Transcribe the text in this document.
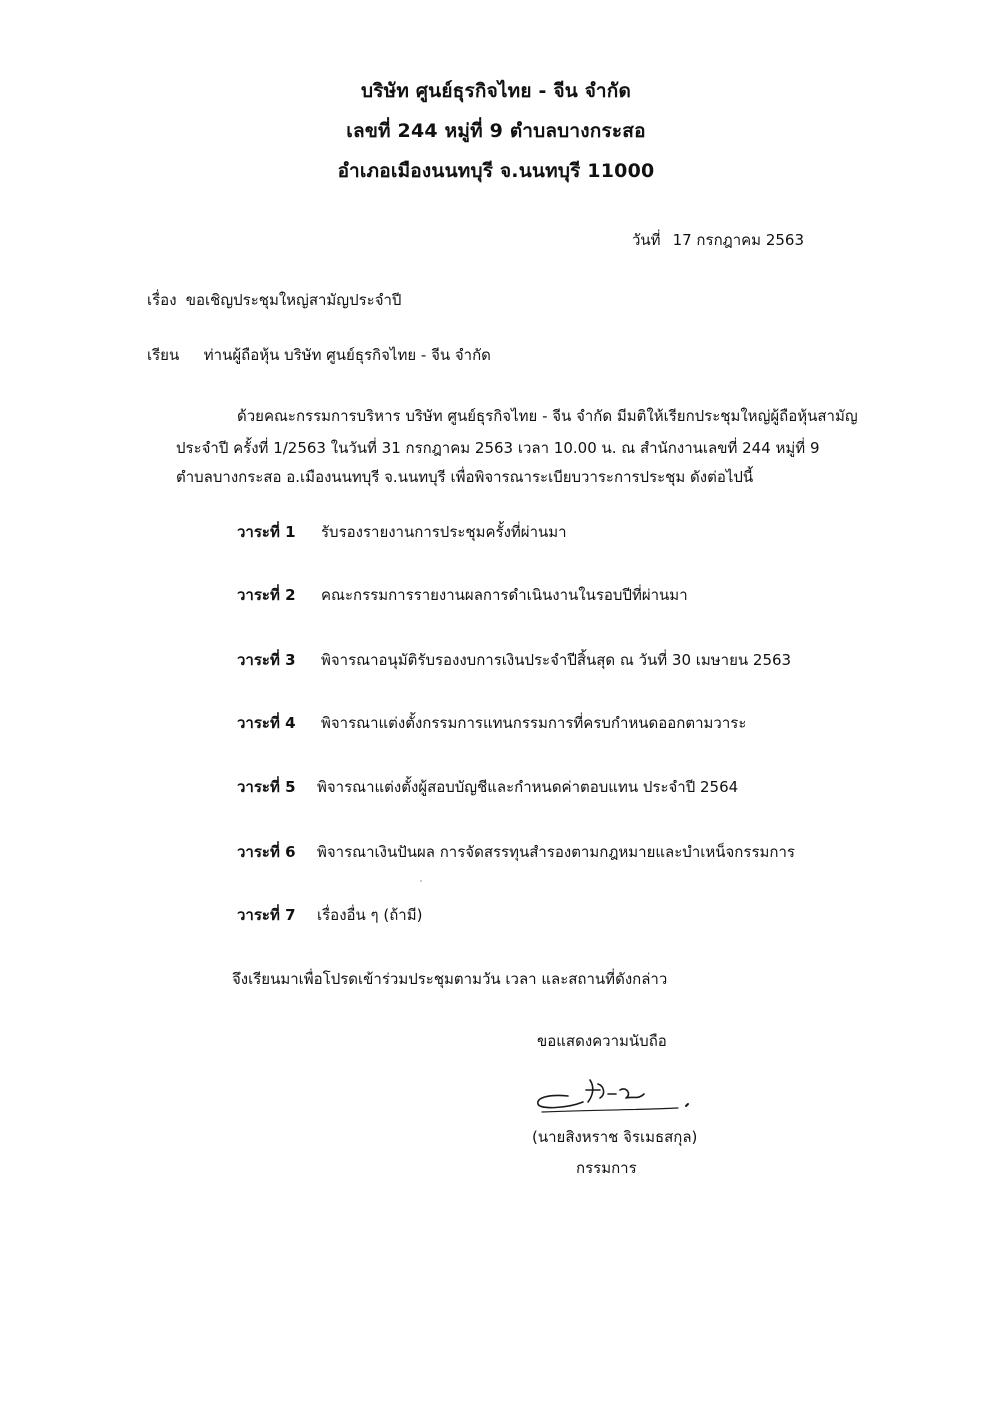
บริษัท ศูนย์ธุรกิจไทย - จีน จำกัด
เลขที่ 244 หมู่ที่ 9 ตำบลบางกระสอ
อำเภอเมืองนนทบุรี จ.นนทบุรี 11000
วันที่ 17 กรกฎาคม 2563
เรื่อง ขอเชิญประชุมใหญ่สามัญประจำปี
เรียน ท่านผู้ถือหุ้น บริษัท ศูนย์ธุรกิจไทย - จีน จำกัด
ด้วยคณะกรรมการบริหาร บริษัท ศูนย์ธุรกิจไทย - จีน จำกัด มีมติให้เรียกประชุมใหญ่ผู้ถือหุ้นสามัญ
ประจำปี ครั้งที่ 1/2563 ในวันที่ 31 กรกฎาคม 2563 เวลา 10.00 น. ณ สำนักงานเลขที่ 244 หมู่ที่ 9
ตำบลบางกระสอ อ.เมืองนนทบุรี จ.นนทบุรี เพื่อพิจารณาระเบียบวาระการประชุม ดังต่อไปนี้
วาระที่ 1 รับรองรายงานการประชุมครั้งที่ผ่านมา
วาระที่ 2 คณะกรรมการรายงานผลการดำเนินงานในรอบปีที่ผ่านมา
วาระที่ 3 พิจารณาอนุมัติรับรองงบการเงินประจำปีสิ้นสุด ณ วันที่ 30 เมษายน 2563
วาระที่ 4 พิจารณาแต่งตั้งกรรมการแทนกรรมการที่ครบกำหนดออกตามวาระ
วาระที่ 5 พิจารณาแต่งตั้งผู้สอบบัญชีและกำหนดค่าตอบแทน ประจำปี 2564
วาระที่ 6 พิจารณาเงินปันผล การจัดสรรทุนสำรองตามกฎหมายและบำเหน็จกรรมการ
วาระที่ 7 เรื่องอื่น ๆ (ถ้ามี)
จึงเรียนมาเพื่อโปรดเข้าร่วมประชุมตามวัน เวลา และสถานที่ดังกล่าว
ขอแสดงความนับถือ
(นายสิงหราช จิรเมธสกุล)
กรรมการ
